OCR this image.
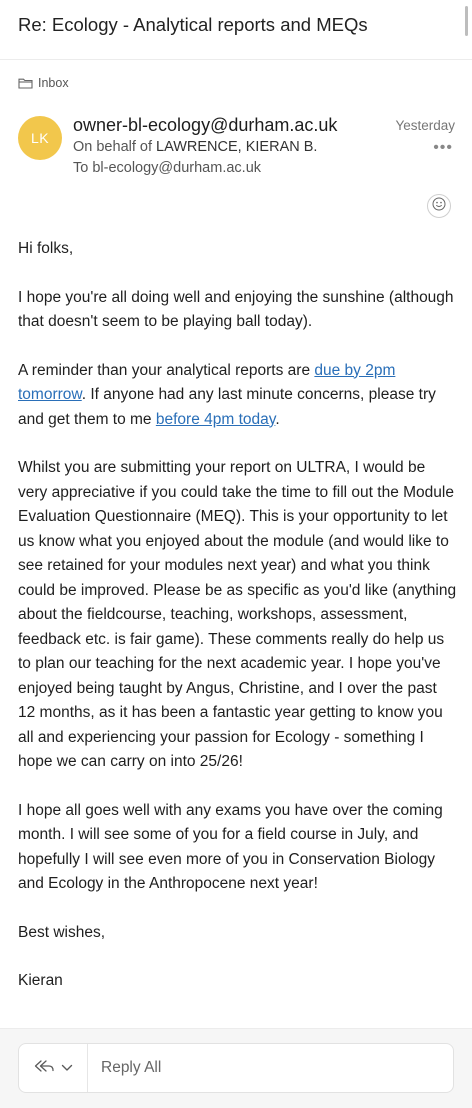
Re: Ecology - Analytical reports and MEQs
Inbox
LK
owner-bl-ecology@durham.ac.uk
On behalf of LAWRENCE, KIERAN B.
To bl-ecology@durham.ac.uk
Yesterday
•••

Hi folks,

I hope you're all doing well and enjoying the sunshine (although that doesn't seem to be playing ball today).

A reminder than your analytical reports are due by 2pm tomorrow. If anyone had any last minute concerns, please try and get them to me before 4pm today.

Whilst you are submitting your report on ULTRA, I would be very appreciative if you could take the time to fill out the Module Evaluation Questionnaire (MEQ). This is your opportunity to let us know what you enjoyed about the module (and would like to see retained for your modules next year) and what you think could be improved. Please be as specific as you'd like (anything about the fieldcourse, teaching, workshops, assessment, feedback etc. is fair game). These comments really do help us to plan our teaching for the next academic year. I hope you've enjoyed being taught by Angus, Christine, and I over the past 12 months, as it has been a fantastic year getting to know you all and experiencing your passion for Ecology - something I hope we can carry on into 25/26!

I hope all goes well with any exams you have over the coming month. I will see some of you for a field course in July, and hopefully I will see even more of you in Conservation Biology and Ecology in the Anthropocene next year!

Best wishes,

Kieran

Reply All
